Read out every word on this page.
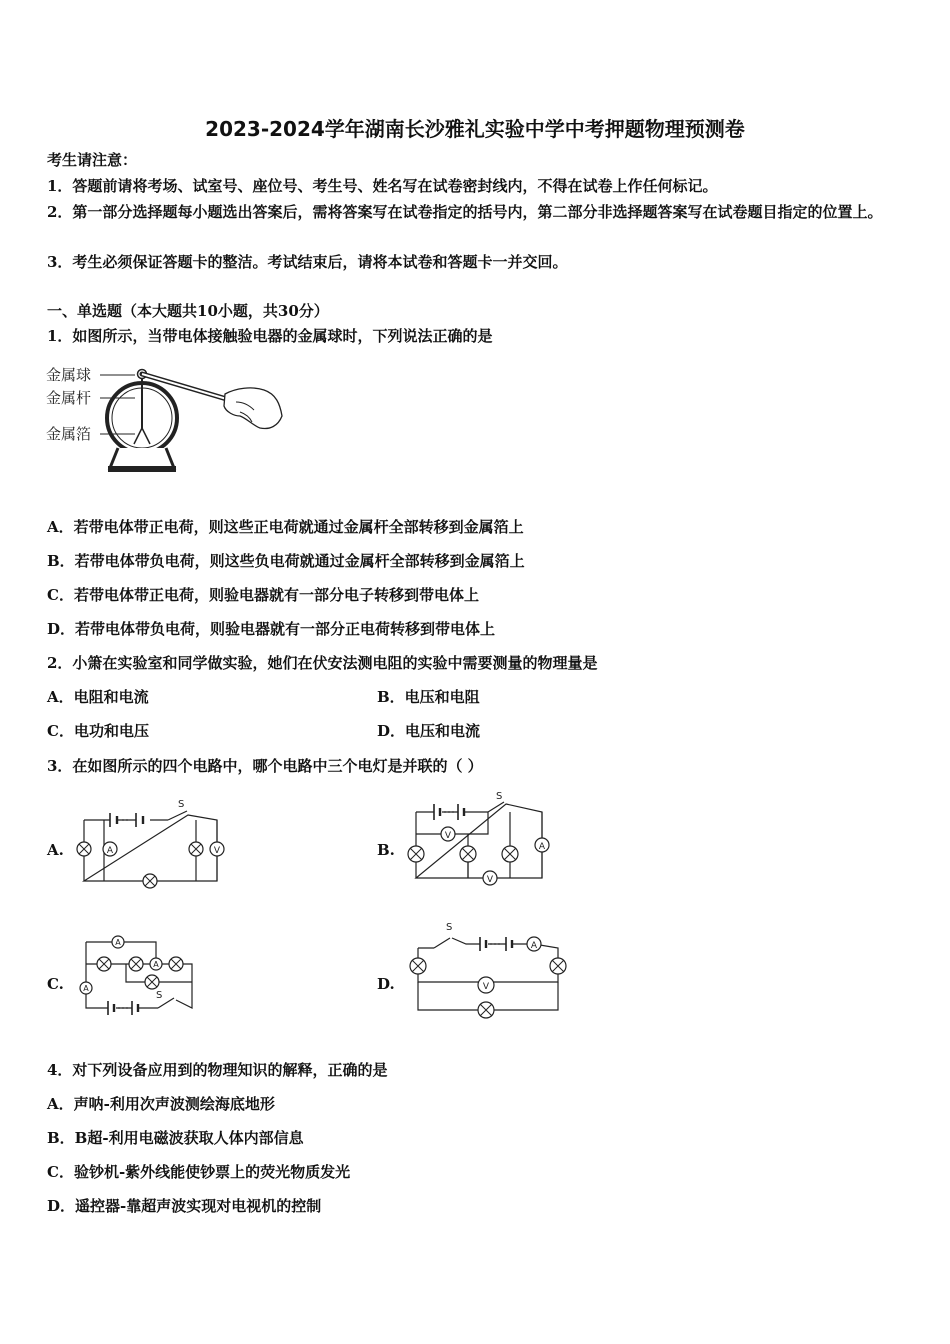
2023-2024学年湖南长沙雅礼实验中学中考押题物理预测卷
考生请注意：
1．答题前请将考场、试室号、座位号、考生号、姓名写在试卷密封线内，不得在试卷上作任何标记。
2．第一部分选择题每小题选出答案后，需将答案写在试卷指定的括号内，第二部分非选择题答案写在试卷题目指定的位置上。
3．考生必须保证答题卡的整洁。考试结束后，请将本试卷和答题卡一并交回。
一、单选题（本大题共10小题，共30分）
1．如图所示，当带电体接触验电器的金属球时，下列说法正确的是
金属球
金属杆
金属箔
A．若带电体带正电荷，则这些正电荷就通过金属杆全部转移到金属箔上
B．若带电体带负电荷，则这些负电荷就通过金属杆全部转移到金属箔上
C．若带电体带正电荷，则验电器就有一部分电子转移到带电体上
D．若带电体带负电荷，则验电器就有一部分正电荷转移到带电体上
2．小箫在实验室和同学做实验，她们在伏安法测电阻的实验中需要测量的物理量是
A．电阻和电流	B．电压和电阻
C．电功和电压	D．电压和电流
3．在如图所示的四个电路中，哪个电路中三个电灯是并联的（ ）
A.	B.
C.	D.
A	V
S
V
A
V
S
A
A
A
S
A
V
S
4．对下列设备应用到的物理知识的解释，正确的是
A．声呐-利用次声波测绘海底地形
B．B超-利用电磁波获取人体内部信息
C．验钞机-紫外线能使钞票上的荧光物质发光
D．遥控器-靠超声波实现对电视机的控制
